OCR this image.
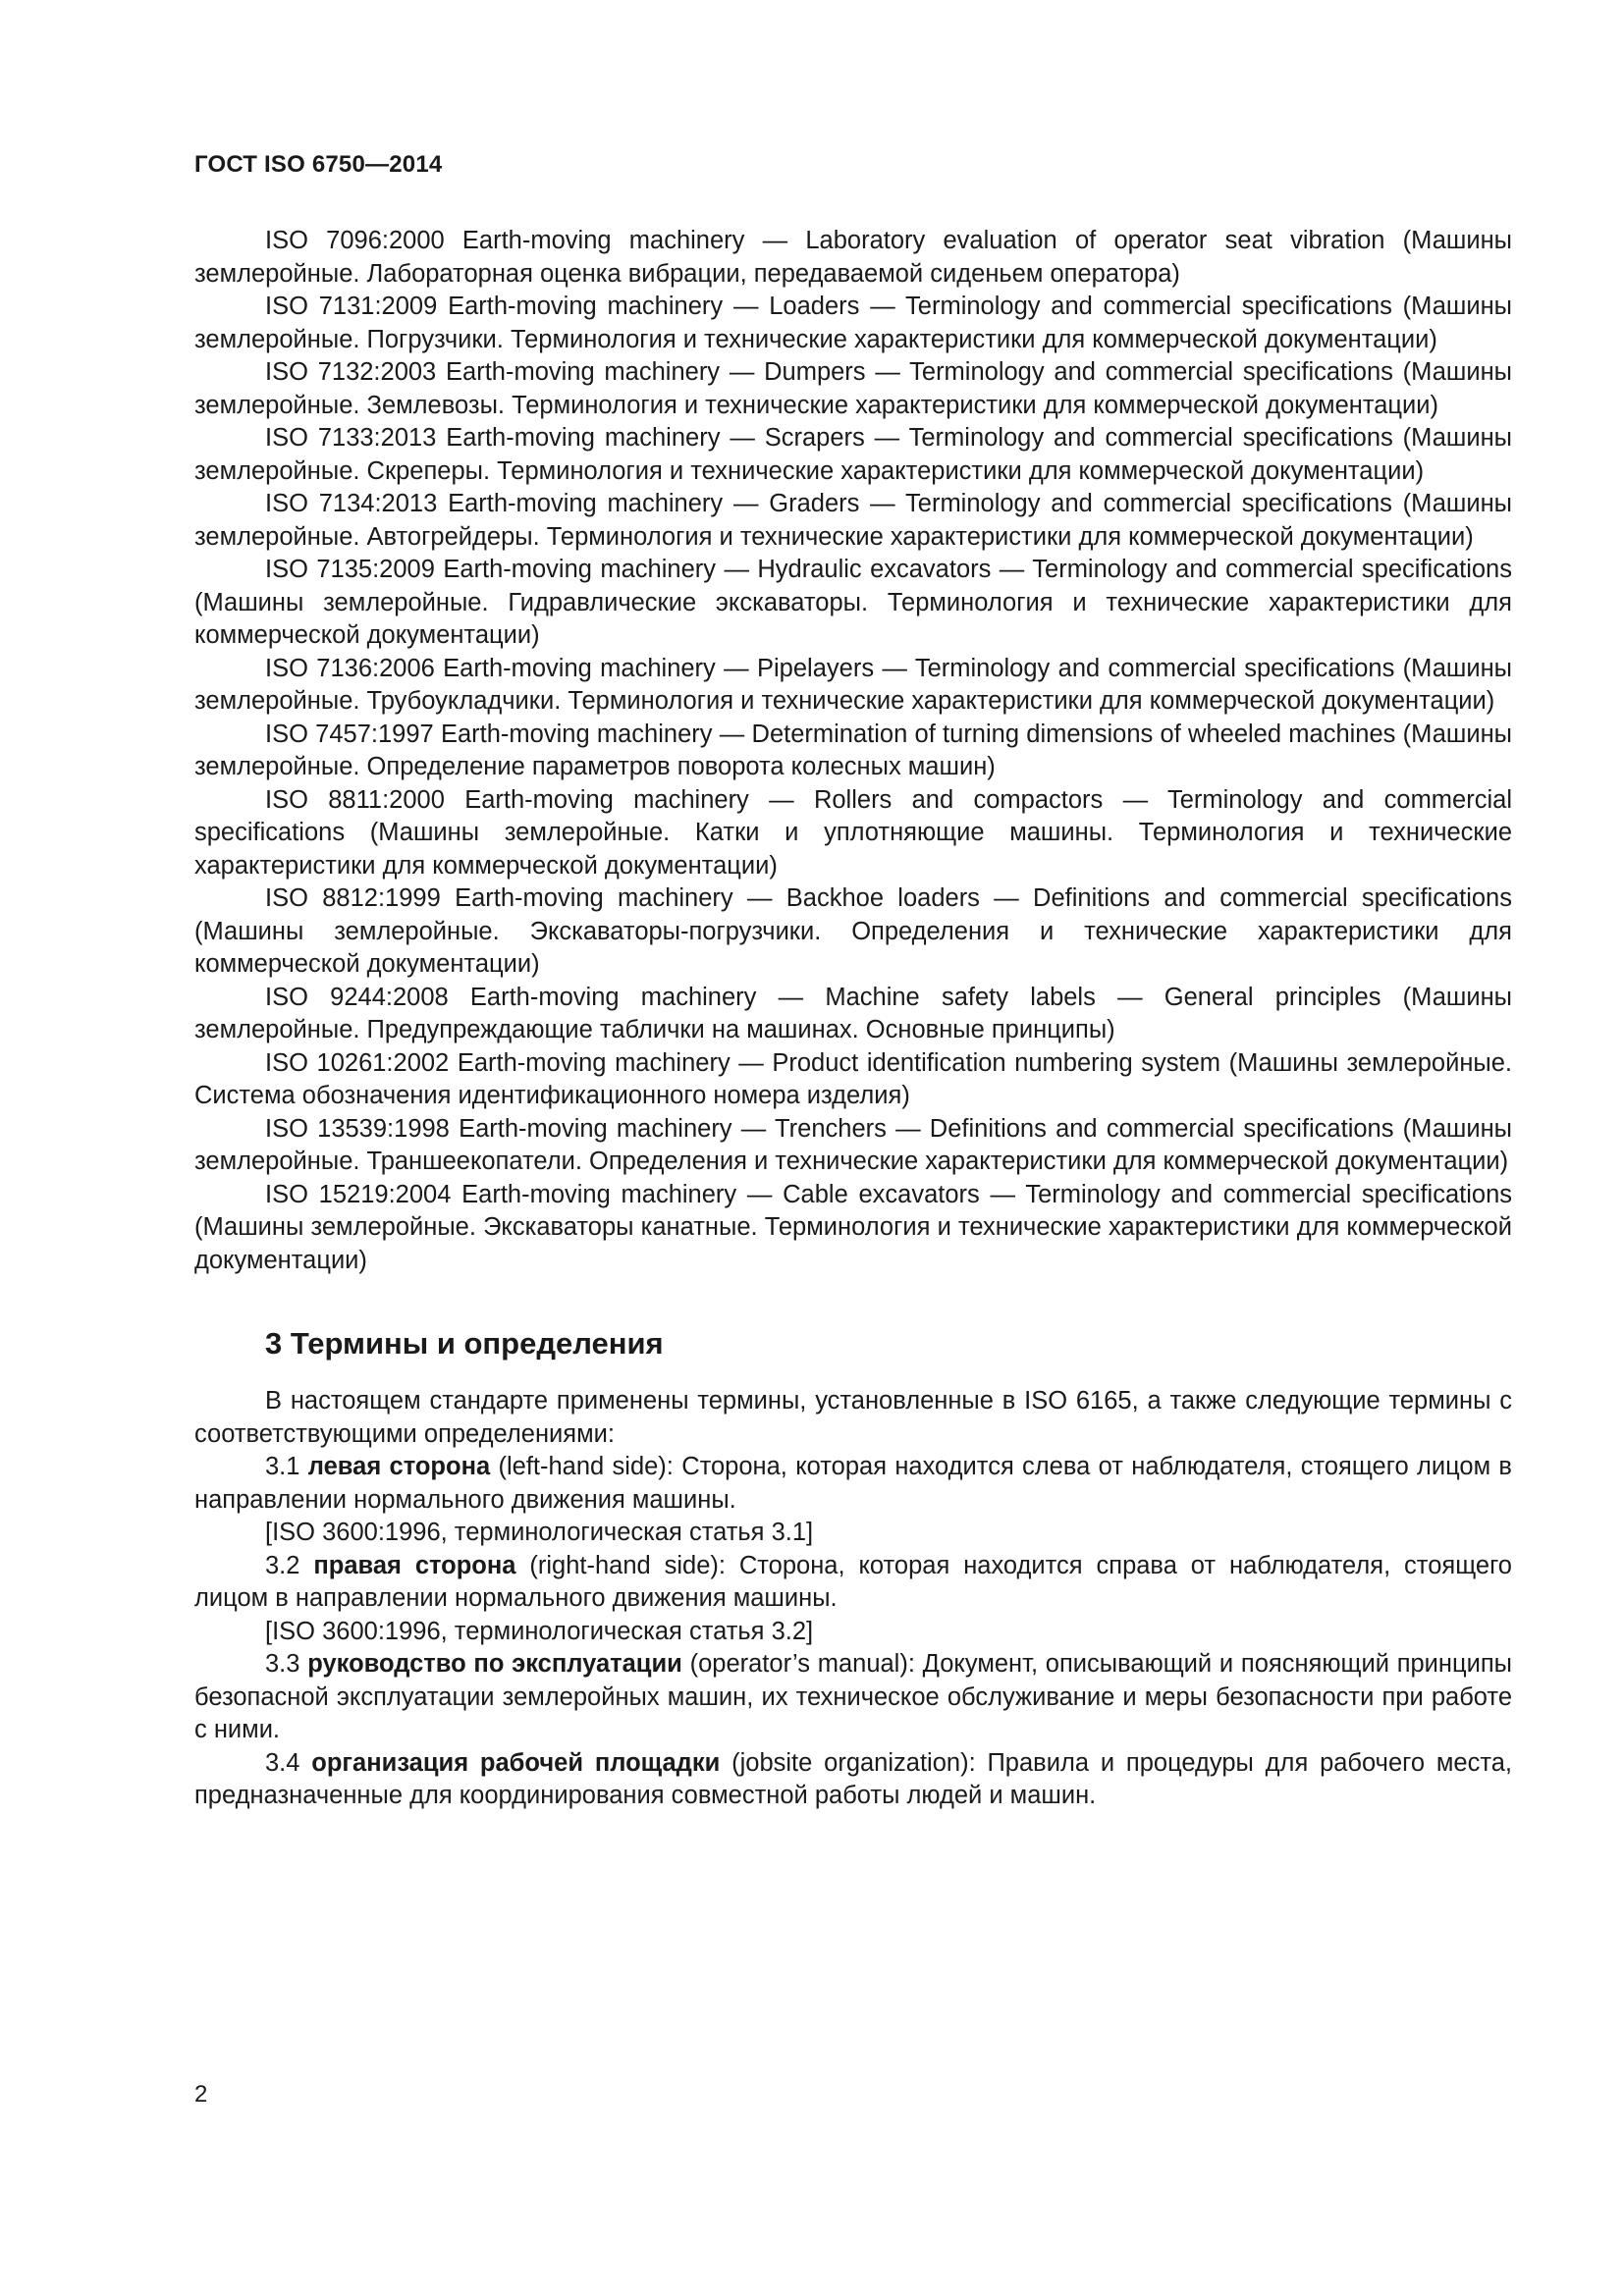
ГОСТ ISO 6750—2014

ISO 7096:2000 Earth-moving machinery — Laboratory evaluation of operator seat vibration (Машины землеройные. Лабораторная оценка вибрации, передаваемой сиденьем оператора)

ISO 7131:2009 Earth-moving machinery — Loaders — Terminology and commercial specifications (Машины землеройные. Погрузчики. Терминология и технические характеристики для коммерческой документации)

ISO 7132:2003 Earth-moving machinery — Dumpers — Terminology and commercial specifications (Машины землеройные. Землевозы. Терминология и технические характеристики для коммерческой документации)

ISO 7133:2013 Earth-moving machinery — Scrapers — Terminology and commercial specifications (Машины землеройные. Скреперы. Терминология и технические характеристики для коммерческой документации)

ISO 7134:2013 Earth-moving machinery — Graders — Terminology and commercial specifications (Машины землеройные. Автогрейдеры. Терминология и технические характеристики для коммерческой документации)

ISO 7135:2009 Earth-moving machinery — Hydraulic excavators — Terminology and commercial specifications (Машины землеройные. Гидравлические экскаваторы. Терминология и технические характеристики для коммерческой документации)

ISO 7136:2006 Earth-moving machinery — Pipelayers — Terminology and commercial specifications (Машины землеройные. Трубоукладчики. Терминология и технические характеристики для коммерческой документации)

ISO 7457:1997 Earth-moving machinery — Determination of turning dimensions of wheeled machines (Машины землеройные. Определение параметров поворота колесных машин)

ISO 8811:2000 Earth-moving machinery — Rollers and compactors — Terminology and commercial specifications (Машины землеройные. Катки и уплотняющие машины. Терминология и технические характеристики для коммерческой документации)

ISO 8812:1999 Earth-moving machinery — Backhoe loaders — Definitions and commercial specifications (Машины землеройные. Экскаваторы-погрузчики. Определения и технические характеристики для коммерческой документации)

ISO 9244:2008 Earth-moving machinery — Machine safety labels — General principles (Машины землеройные. Предупреждающие таблички на машинах. Основные принципы)

ISO 10261:2002 Earth-moving machinery — Product identification numbering system (Машины землеройные. Система обозначения идентификационного номера изделия)

ISO 13539:1998 Earth-moving machinery — Trenchers — Definitions and commercial specifications (Машины землеройные. Траншеекопатели. Определения и технические характеристики для коммерческой документации)

ISO 15219:2004 Earth-moving machinery — Cable excavators — Terminology and commercial specifications (Машины землеройные. Экскаваторы канатные. Терминология и технические характеристики для коммерческой документации)

3 Термины и определения

В настоящем стандарте применены термины, установленные в ISO 6165, а также следующие термины с соответствующими определениями:

3.1 левая сторона (left-hand side): Сторона, которая находится слева от наблюдателя, стоящего лицом в направлении нормального движения машины.

[ISO 3600:1996, терминологическая статья 3.1]

3.2 правая сторона (right-hand side): Сторона, которая находится справа от наблюдателя, стоящего лицом в направлении нормального движения машины.

[ISO 3600:1996, терминологическая статья 3.2]

3.3 руководство по эксплуатации (operator’s manual): Документ, описывающий и поясняющий принципы безопасной эксплуатации землеройных машин, их техническое обслуживание и меры безопасности при работе с ними.

3.4 организация рабочей площадки (jobsite organization): Правила и процедуры для рабочего места, предназначенные для координирования совместной работы людей и машин.

2
